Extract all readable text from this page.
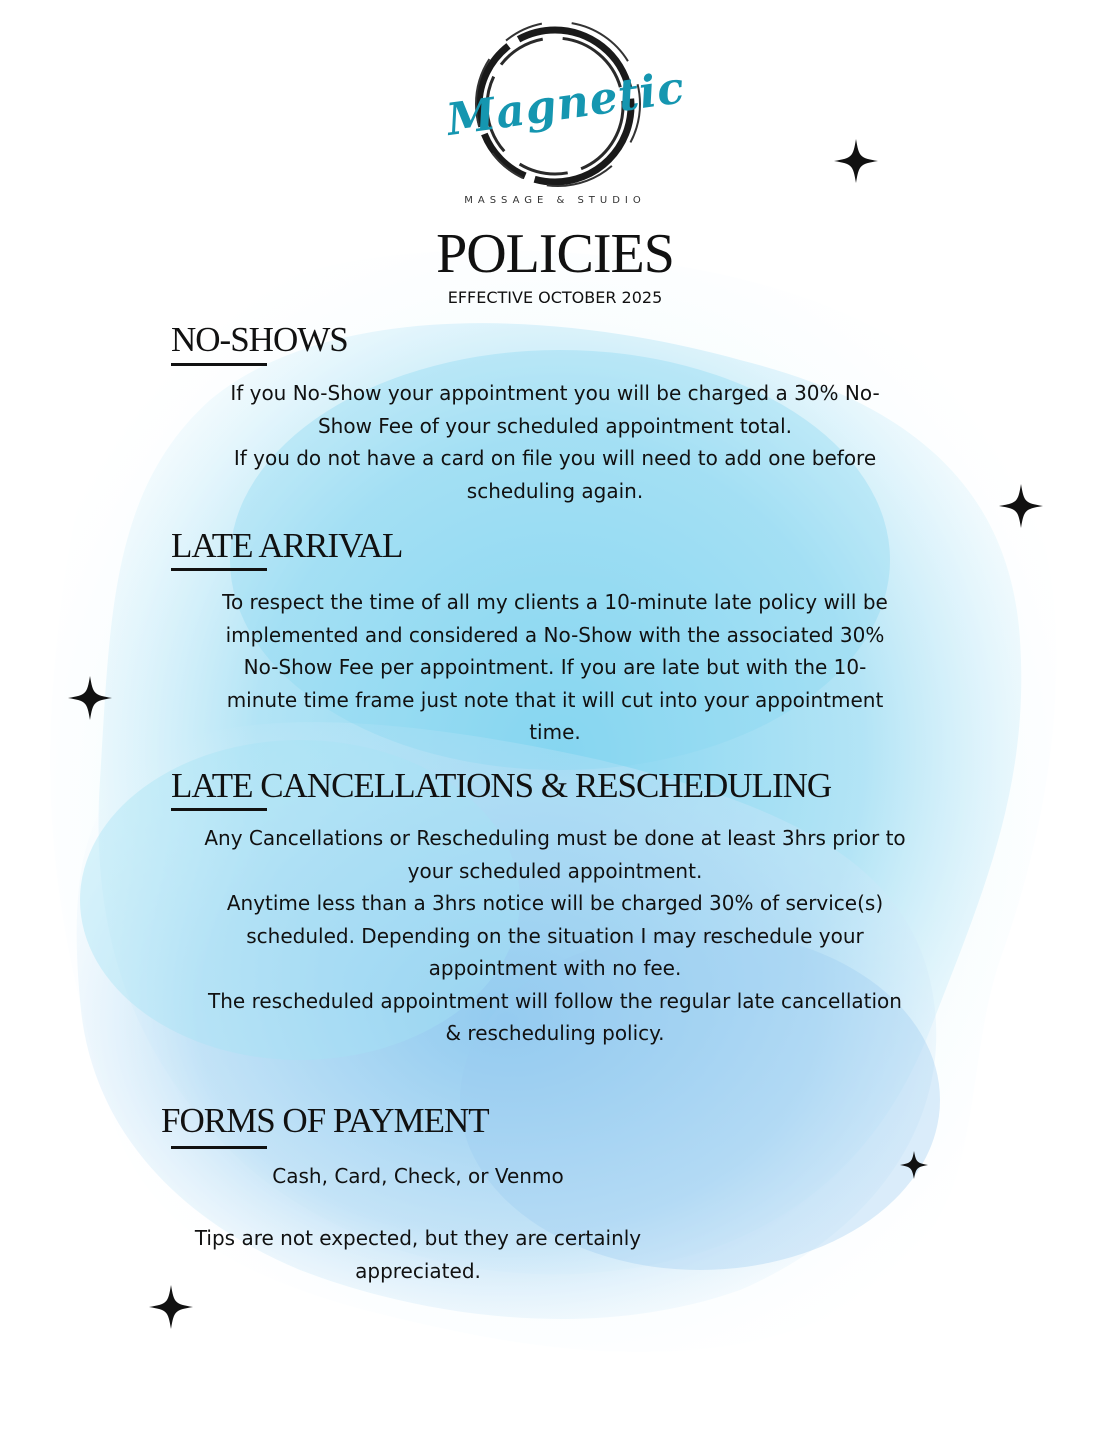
Magnetic
MASSAGE & STUDIO
POLICIES
EFFECTIVE OCTOBER 2025
NO-SHOWS
If you No-Show your appointment you will be charged a 30% No-
Show Fee of your scheduled appointment total.
If you do not have a card on file you will need to add one before
scheduling again.
LATE ARRIVAL
To respect the time of all my clients a 10-minute late policy will be
implemented and considered a No-Show with the associated 30%
No-Show Fee per appointment. If you are late but with the 10-
minute time frame just note that it will cut into your appointment
time.
LATE CANCELLATIONS & RESCHEDULING
Any Cancellations or Rescheduling must be done at least 3hrs prior to
your scheduled appointment.
Anytime less than a 3hrs notice will be charged 30% of service(s)
scheduled. Depending on the situation I may reschedule your
appointment with no fee.
The rescheduled appointment will follow the regular late cancellation
& rescheduling policy.
FORMS OF PAYMENT
Cash, Card, Check, or Venmo
Tips are not expected, but they are certainly
appreciated.
